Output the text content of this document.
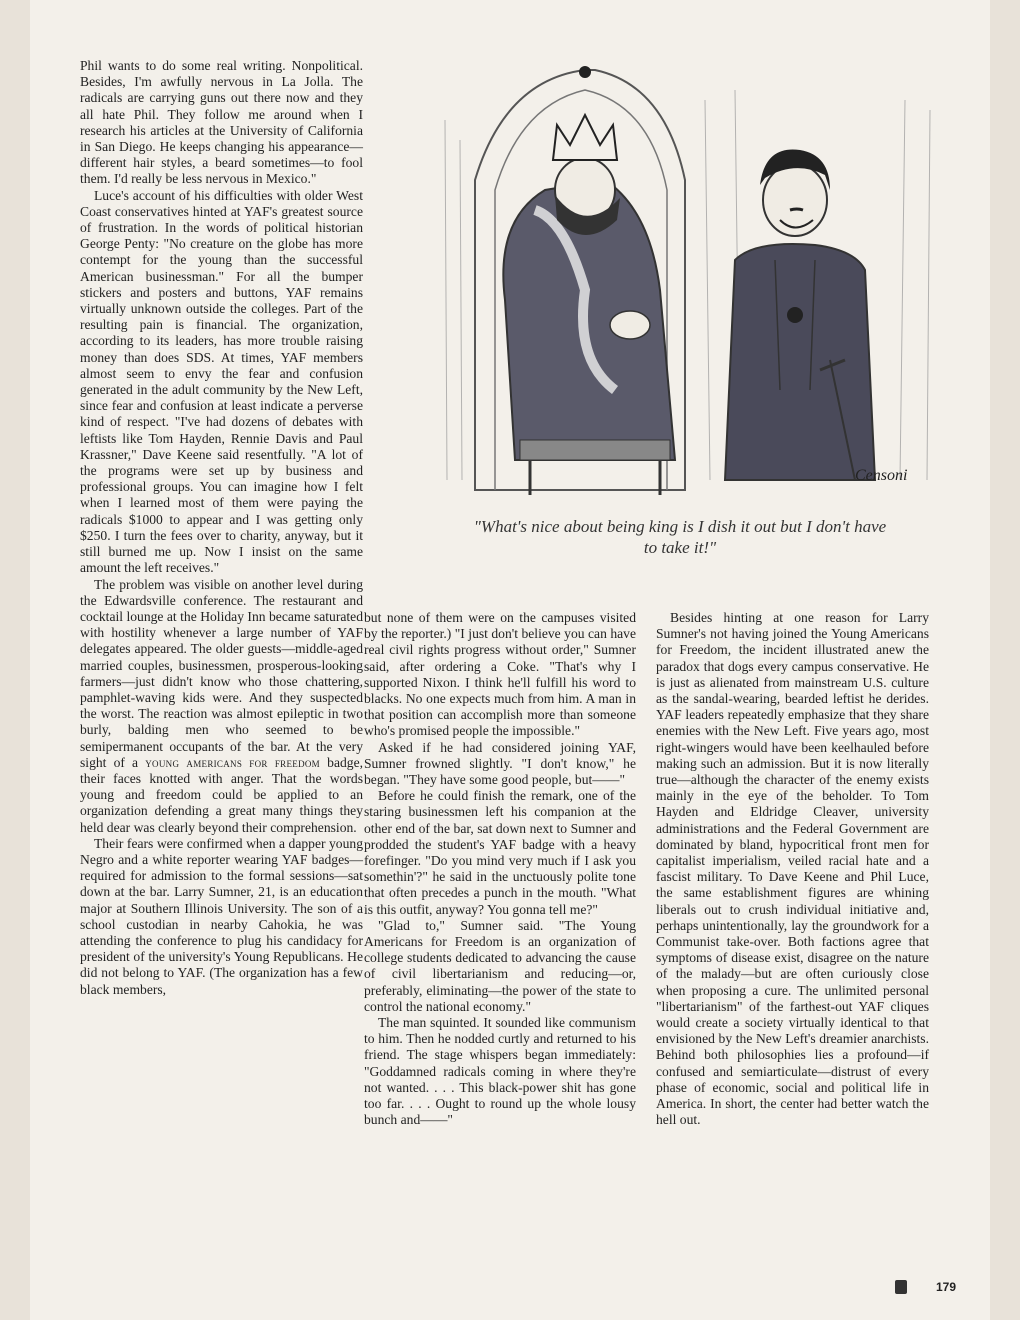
Phil wants to do some real writing. Nonpolitical. Besides, I'm awfully nervous in La Jolla. The radicals are carrying guns out there now and they all hate Phil. They follow me around when I research his articles at the University of California in San Diego. He keeps changing his appearance—different hair styles, a beard sometimes—to fool them. I'd really be less nervous in Mexico."

Luce's account of his difficulties with older West Coast conservatives hinted at YAF's greatest source of frustration. In the words of political historian George Penty: "No creature on the globe has more contempt for the young than the successful American businessman." For all the bumper stickers and posters and buttons, YAF remains virtually unknown outside the colleges. Part of the resulting pain is financial. The organization, according to its leaders, has more trouble raising money than does SDS. At times, YAF members almost seem to envy the fear and confusion generated in the adult community by the New Left, since fear and confusion at least indicate a perverse kind of respect. "I've had dozens of debates with leftists like Tom Hayden, Rennie Davis and Paul Krassner," Dave Keene said resentfully. "A lot of the programs were set up by business and professional groups. You can imagine how I felt when I learned most of them were paying the radicals $1000 to appear and I was getting only $250. I turn the fees over to charity, anyway, but it still burned me up. Now I insist on the same amount the left receives."

The problem was visible on another level during the Edwardsville conference. The restaurant and cocktail lounge at the Holiday Inn became saturated with hostility whenever a large number of YAF delegates appeared. The older guests—middle-aged married couples, businessmen, prosperous-looking farmers—just didn't know who those chattering, pamphlet-waving kids were. And they suspected the worst. The reaction was almost epileptic in two burly, balding men who seemed to be semipermanent occupants of the bar. At the very sight of a young americans for freedom badge, their faces knotted with anger. That the words young and freedom could be applied to an organization defending a great many things they held dear was clearly beyond their comprehension.

Their fears were confirmed when a dapper young Negro and a white reporter wearing YAF badges—required for admission to the formal sessions—sat down at the bar. Larry Sumner, 21, is an education major at Southern Illinois University. The son of a school custodian in nearby Cahokia, he was attending the conference to plug his candidacy for president of the university's Young Republicans. He did not belong to YAF. (The organization has a few black members,

Censoni
"What's nice about being king is I dish it out but I don't have to take it!"

but none of them were on the campuses visited by the reporter.) "I just don't believe you can have real civil rights progress without order," Sumner said, after ordering a Coke. "That's why I supported Nixon. I think he'll fulfill his word to blacks. No one expects much from him. A man in that position can accomplish more than someone who's promised people the impossible."

Asked if he had considered joining YAF, Sumner frowned slightly. "I don't know," he began. "They have some good people, but——"

Before he could finish the remark, one of the staring businessmen left his companion at the other end of the bar, sat down next to Sumner and prodded the student's YAF badge with a heavy forefinger. "Do you mind very much if I ask you somethin'?" he said in the unctuously polite tone that often precedes a punch in the mouth. "What is this outfit, anyway? You gonna tell me?"

"Glad to," Sumner said. "The Young Americans for Freedom is an organization of college students dedicated to advancing the cause of civil libertarianism and reducing—or, preferably, eliminating—the power of the state to control the national economy."

The man squinted. It sounded like communism to him. Then he nodded curtly and returned to his friend. The stage whispers began immediately: "Goddamned radicals coming in where they're not wanted. . . . This black-power shit has gone too far. . . . Ought to round up the whole lousy bunch and——"

Besides hinting at one reason for Larry Sumner's not having joined the Young Americans for Freedom, the incident illustrated anew the paradox that dogs every campus conservative. He is just as alienated from mainstream U.S. culture as the sandal-wearing, bearded leftist he derides. YAF leaders repeatedly emphasize that they share enemies with the New Left. Five years ago, most right-wingers would have been keelhauled before making such an admission. But it is now literally true—although the character of the enemy exists mainly in the eye of the beholder. To Tom Hayden and Eldridge Cleaver, university administrations and the Federal Government are dominated by bland, hypocritical front men for capitalist imperialism, veiled racial hate and a fascist military. To Dave Keene and Phil Luce, the same establishment figures are whining liberals out to crush individual initiative and, perhaps unintentionally, lay the groundwork for a Communist take-over. Both factions agree that symptoms of disease exist, disagree on the nature of the malady—but are often curiously close when proposing a cure. The unlimited personal "libertarianism" of the farthest-out YAF cliques would create a society virtually identical to that envisioned by the New Left's dreamier anarchists. Behind both philosophies lies a profound—if confused and semiarticulate—distrust of every phase of economic, social and political life in America. In short, the center had better watch the hell out.

179
